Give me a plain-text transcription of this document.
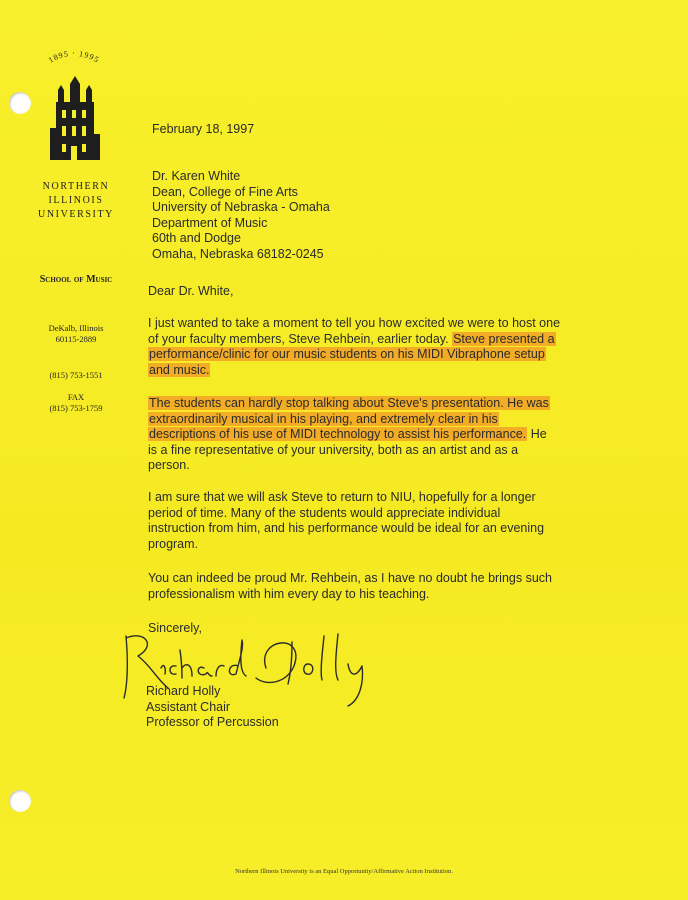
1895 · 1995
NORTHERN
ILLINOIS
UNIVERSITY
School of Music
DeKalb, Illinois
60115-2889
(815) 753-1551
FAX
(815) 753-1759
February 18, 1997
Dr. Karen White
Dean, College of Fine Arts
University of Nebraska - Omaha
Department of Music
60th and Dodge
Omaha, Nebraska 68182-0245
Dear Dr. White,
I just wanted to take a moment to tell you how excited we were to host one
of your faculty members, Steve Rehbein, earlier today. Steve presented a
performance/clinic for our music students on his MIDI Vibraphone setup
and music.
The students can hardly stop talking about Steve's presentation. He was
extraordinarily musical in his playing, and extremely clear in his
descriptions of his use of MIDI technology to assist his performance. He
is a fine representative of your university, both as an artist and as a
person.
I am sure that we will ask Steve to return to NIU, hopefully for a longer
period of time. Many of the students would appreciate individual
instruction from him, and his performance would be ideal for an evening
program.
You can indeed be proud Mr. Rehbein, as I have no doubt he brings such
professionalism with him every day to his teaching.
Sincerely,
Richard Holly
Assistant Chair
Professor of Percussion
Northern Illinois University is an Equal Opportunity/Affirmative Action Institution.
